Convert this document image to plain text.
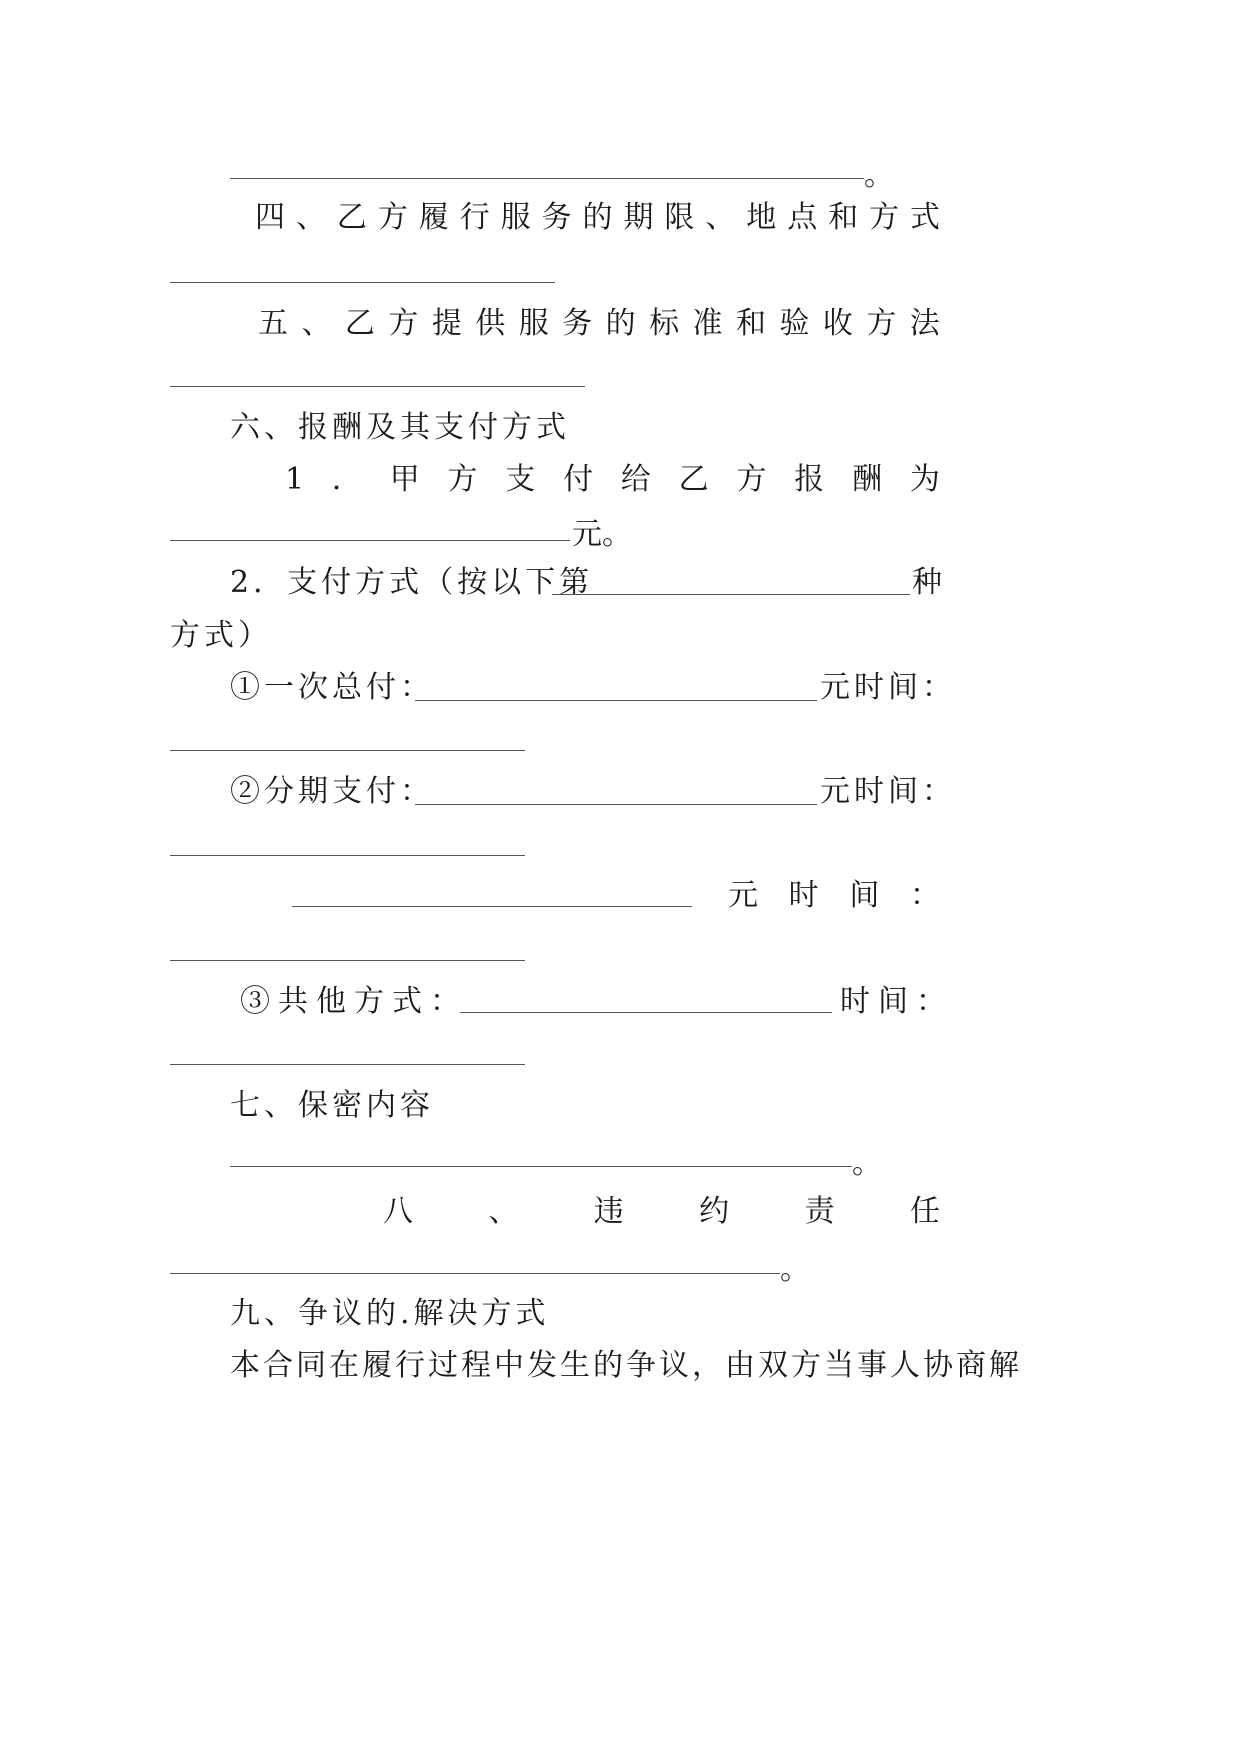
。
四 、 乙 方 履 行 服 务 的 期 限 、 地 点 和 方 式
五 、 乙 方 提 供 服 务 的 标 准 和 验 收 方 法
六、报酬及其支付方式
1 ． 甲 方 支 付 给 乙 方 报 酬 为
元。
2．支付方式（按以下第	种
方式）
①一次总付：	元时间：
②分期支付：	元时间：
元 时 间 ：
③共他方式：	时间：
七、保密内容
。
八	、	违	约	责	任
。
九、争议的.解决方式
本合同在履行过程中发生的争议，由双方当事人协商解
